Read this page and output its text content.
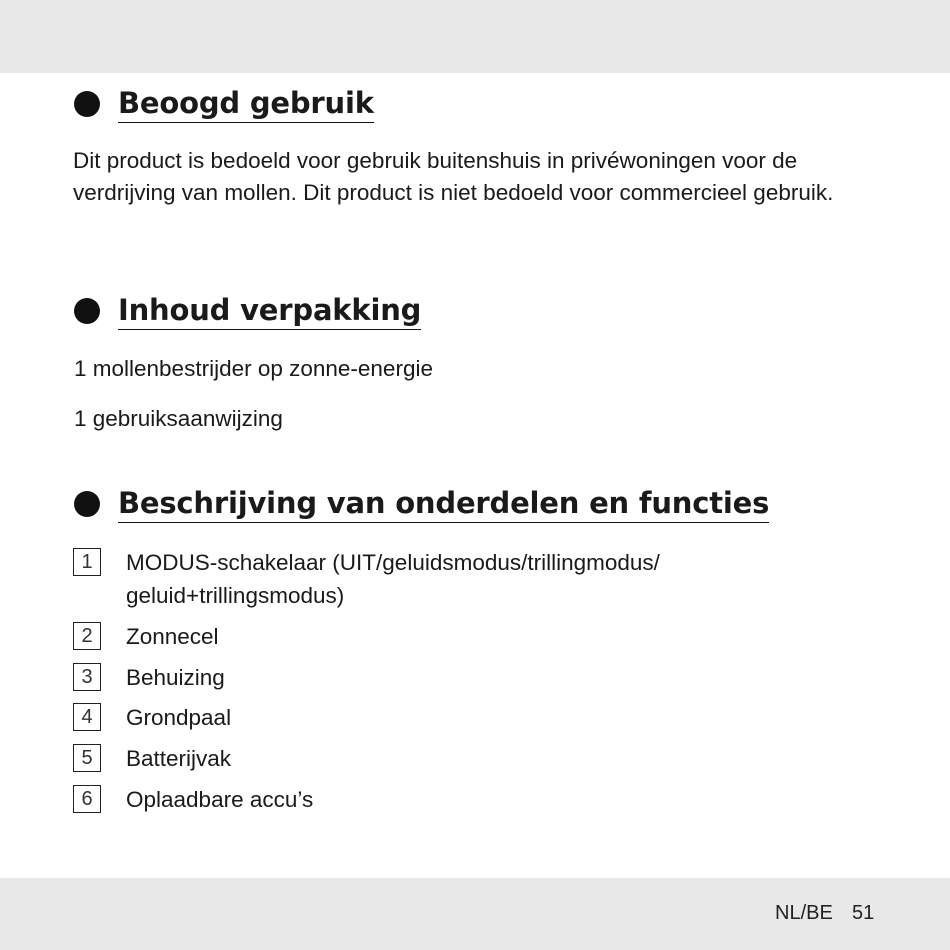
Beoogd gebruik

Dit product is bedoeld voor gebruik buitenshuis in privéwoningen voor de verdrijving van mollen. Dit product is niet bedoeld voor commercieel gebruik.

Inhoud verpakking
1 mollenbestrijder op zonne-energie
1 gebruiksaanwijzing
Beschrijving van onderdelen en functies
1	MODUS-schakelaar (UIT/geluidsmodus/trillingmodus/ geluid+trillingsmodus)
2	Zonnecel
3	Behuizing
4	Grondpaal
5	Batterijvak
6	Oplaadbare accu’s
NL/BE 51
